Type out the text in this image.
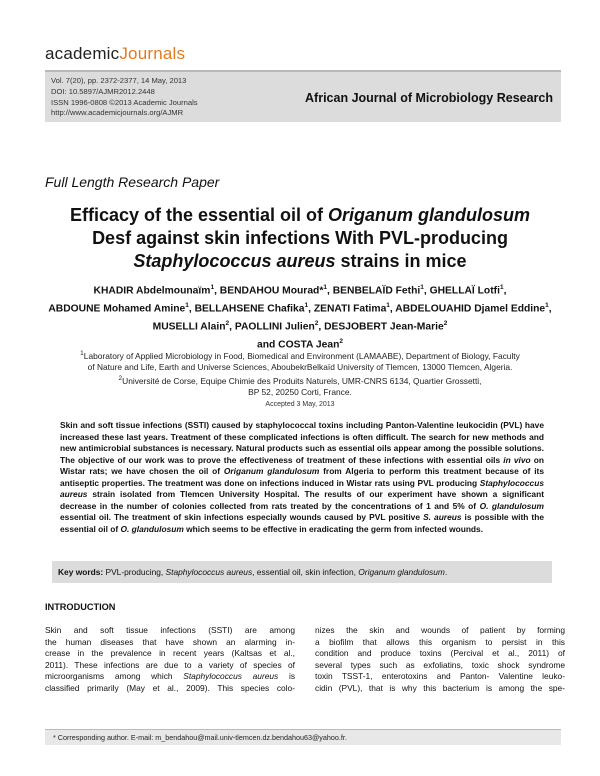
academicJournals
Vol. 7(20), pp. 2372-2377, 14 May, 2013
DOI: 10.5897/AJMR2012.2448
ISSN 1996-0808 ©2013 Academic Journals
http://www.academicjournals.org/AJMR
African Journal of Microbiology Research
Full Length Research Paper
Efficacy of the essential oil of Origanum glandulosum
Desf against skin infections With PVL-producing
Staphylococcus aureus strains in mice
KHADIR Abdelmounaïm$^1$, BENDAHOU Mourad*$^1$, BENBELAÏD Fethi$^1$, GHELLAÏ Lotfi$^1$,
ABDOUNE Mohamed Amine$^1$, BELLAHSENE Chafika$^1$, ZENATI Fatima$^1$, ABDELOUAHID Djamel Eddine$^1$, MUSELLI Alain$^2$, PAOLLINI Julien$^2$, DESJOBERT Jean-Marie$^2$
and COSTA Jean$^2$
$^1$Laboratory of Applied Microbiology in Food, Biomedical and Environment (LAMAABE), Department of Biology, Faculty
of Nature and Life, Earth and Universe Sciences, AboubekrBelkaïd University of Tlemcen, 13000 Tlemcen, Algeria.
$^2$Université de Corse, Equipe Chimie des Produits Naturels, UMR-CNRS 6134, Quartier Grossetti,
BP 52, 20250 Corti, France.
Accepted 3 May, 2013
Skin and soft tissue infections (SSTI) caused by staphylococcal toxins including Panton-Valentine leukocidin (PVL) have increased these last years. Treatment of these complicated infections is often difficult. The search for new methods and new antimicrobial substances is necessary. Natural products such as essential oils appear among the possible solutions. The objective of our work was to prove the effectiveness of treatment of these infections with essential oils in vivo on Wistar rats; we have chosen the oil of Origanum glandulosum from Algeria to perform this treatment because of its antiseptic properties. The treatment was done on infections induced in Wistar rats using PVL producing Staphylococcus aureus strain isolated from Tlemcen University Hospital. The results of our experiment have shown a significant decrease in the number of colonies collected from rats treated by the concentrations of 1 and 5% of O. glandulosum essential oil. The treatment of skin infections especially wounds caused by PVL positive S. aureus is possible with the essential oil of O. glandulosum which seems to be effective in eradicating the germ from infected wounds.
Key words: PVL-producing, Staphylococcus aureus, essential oil, skin infection, Origanum glandulosum.
INTRODUCTION
Skin and soft tissue infections (SSTI) are among
the human diseases that have shown an alarming in-
crease in the prevalence in recent years (Kaltsas et al.,
2011). These infections are due to a variety of species of
microorganisms among which Staphylococcus aureus is
classified primarily (May et al., 2009). This species colo-
nizes the skin and wounds of patient by forming
a biofilm that allows this organism to persist in this
condition and produce toxins (Percival et al., 2011) of
several types such as exfoliatins, toxic shock syndrome
toxin TSST-1, enterotoxins and Panton- Valentine leuko-
cidin (PVL), that is why this bacterium is among the spe-
* Corresponding author. E-mail: m_bendahou@mail.univ-tlemcen.dz.bendahou63@yahoo.fr.
